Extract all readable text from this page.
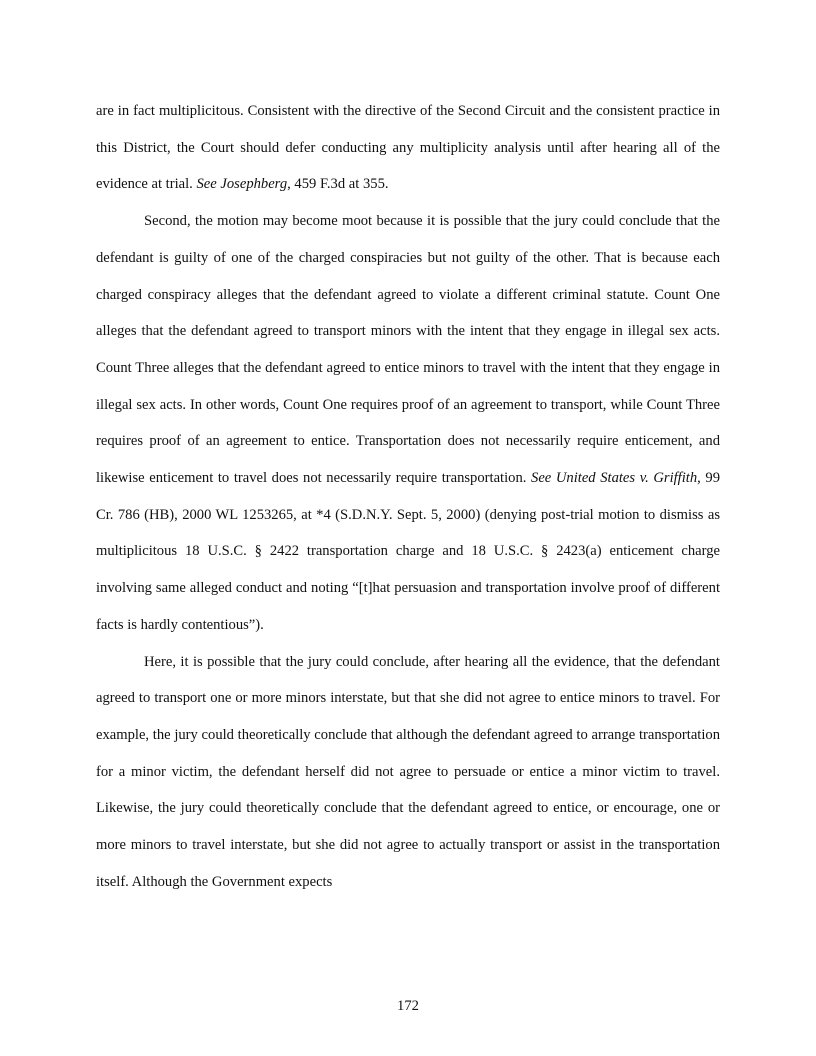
are in fact multiplicitous. Consistent with the directive of the Second Circuit and the consistent practice in this District, the Court should defer conducting any multiplicity analysis until after hearing all of the evidence at trial. See Josephberg, 459 F.3d at 355.

Second, the motion may become moot because it is possible that the jury could conclude that the defendant is guilty of one of the charged conspiracies but not guilty of the other. That is because each charged conspiracy alleges that the defendant agreed to violate a different criminal statute. Count One alleges that the defendant agreed to transport minors with the intent that they engage in illegal sex acts. Count Three alleges that the defendant agreed to entice minors to travel with the intent that they engage in illegal sex acts. In other words, Count One requires proof of an agreement to transport, while Count Three requires proof of an agreement to entice. Transportation does not necessarily require enticement, and likewise enticement to travel does not necessarily require transportation. See United States v. Griffith, 99 Cr. 786 (HB), 2000 WL 1253265, at *4 (S.D.N.Y. Sept. 5, 2000) (denying post-trial motion to dismiss as multiplicitous 18 U.S.C. § 2422 transportation charge and 18 U.S.C. § 2423(a) enticement charge involving same alleged conduct and noting “[t]hat persuasion and transportation involve proof of different facts is hardly contentious”).

Here, it is possible that the jury could conclude, after hearing all the evidence, that the defendant agreed to transport one or more minors interstate, but that she did not agree to entice minors to travel. For example, the jury could theoretically conclude that although the defendant agreed to arrange transportation for a minor victim, the defendant herself did not agree to persuade or entice a minor victim to travel. Likewise, the jury could theoretically conclude that the defendant agreed to entice, or encourage, one or more minors to travel interstate, but she did not agree to actually transport or assist in the transportation itself. Although the Government expects

172
